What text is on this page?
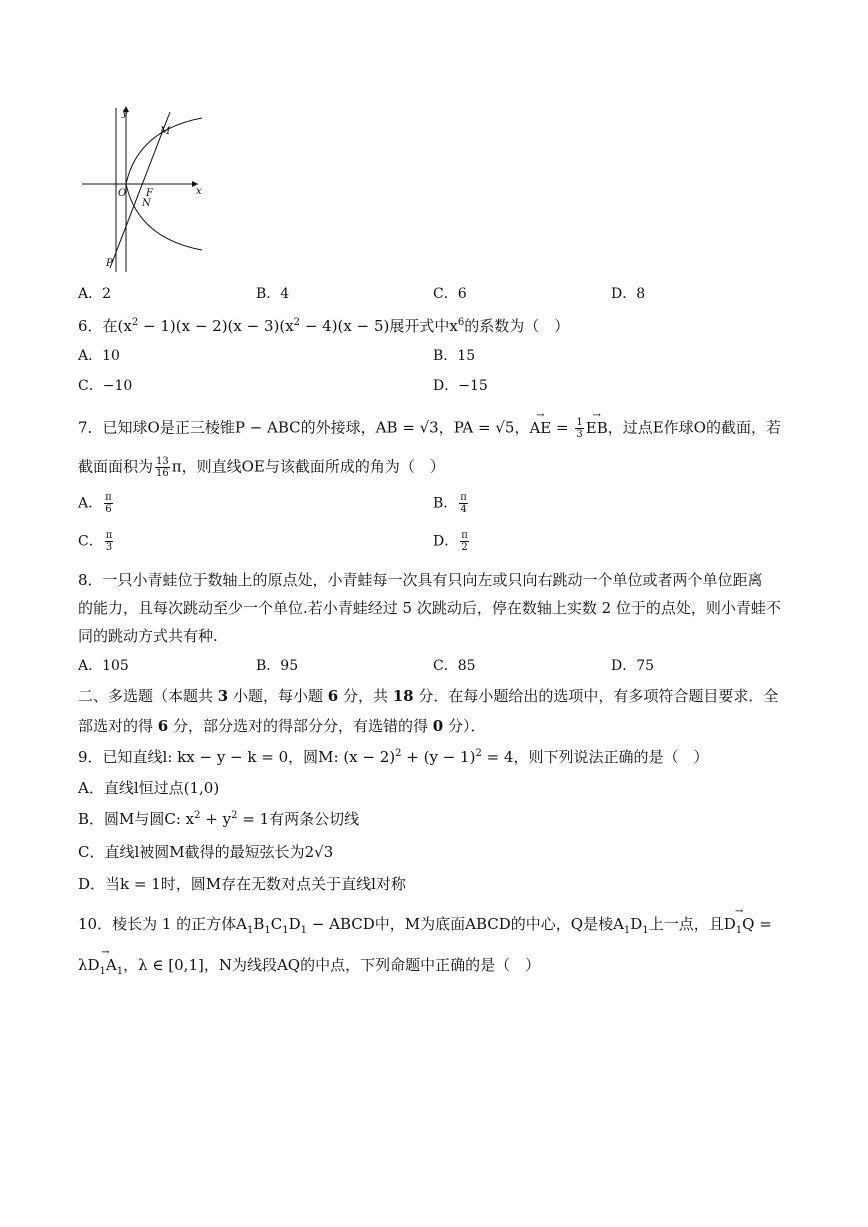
y
x
M
O F
N
P
A．2	B．4	C．6	D．8
6．在$(x^2 - 1)(x - 2)(x - 3)(x^2 - 4)(x - 5)$展开式中$x^6$的系数为（　）
A．10	B．15
C．−10	D．−15
7．已知球O是正三棱锥P − ABC的外接球，AB = √3，PA = √5，→ AE = $\frac{1}{3}$
→ EB，过点E作球O的截面，若
截面面积为 $\frac{13}{16}$ π，则直线OE与该截面所成的角为（　）
A． $\frac{\pi}{6}$	B． $\frac{\pi}{4}$
C． $\frac{\pi}{3}$	D． $\frac{\pi}{2}$
8．一只小青蛙位于数轴上的原点处，小青蛙每一次具有只向左或只向右跳动一个单位或者两个单位距离
的能力，且每次跳动至少一个单位.若小青蛙经过 5 次跳动后，停在数轴上实数 2 位于的点处，则小青蛙不
同的跳动方式共有种.
A．105	B．95	C．85	D．75
二、多选题（本题共 3 小题，每小题 6 分，共 18 分．在每小题给出的选项中，有多项符合题目要求．全
部选对的得 6 分，部分选对的得部分分，有选错的得 0 分）．
9．已知直线l: kx − y − k = 0，圆M: $(x - 2)^2 + (y - 1)^2 = 4$，则下列说法正确的是（　）
A．直线l恒过点(1,0)
B．圆M与圆C: $x^2 + y^2 = 1$有两条公切线
C．直线l被圆M截得的最短弦长为2√3
D．当k = 1时，圆M存在无数对点关于直线l对称
10．棱长为 1 的正方体$A_1B_1C_1D_1$ − ABCD中，M为底面ABCD的中心，Q是棱$A_1D_1$上一点，且→ $D_1Q$ =
$\lambda\to D_1A_1$，λ ∈ [0,1]，N为线段AQ的中点，下列命题中正确的是（　）
